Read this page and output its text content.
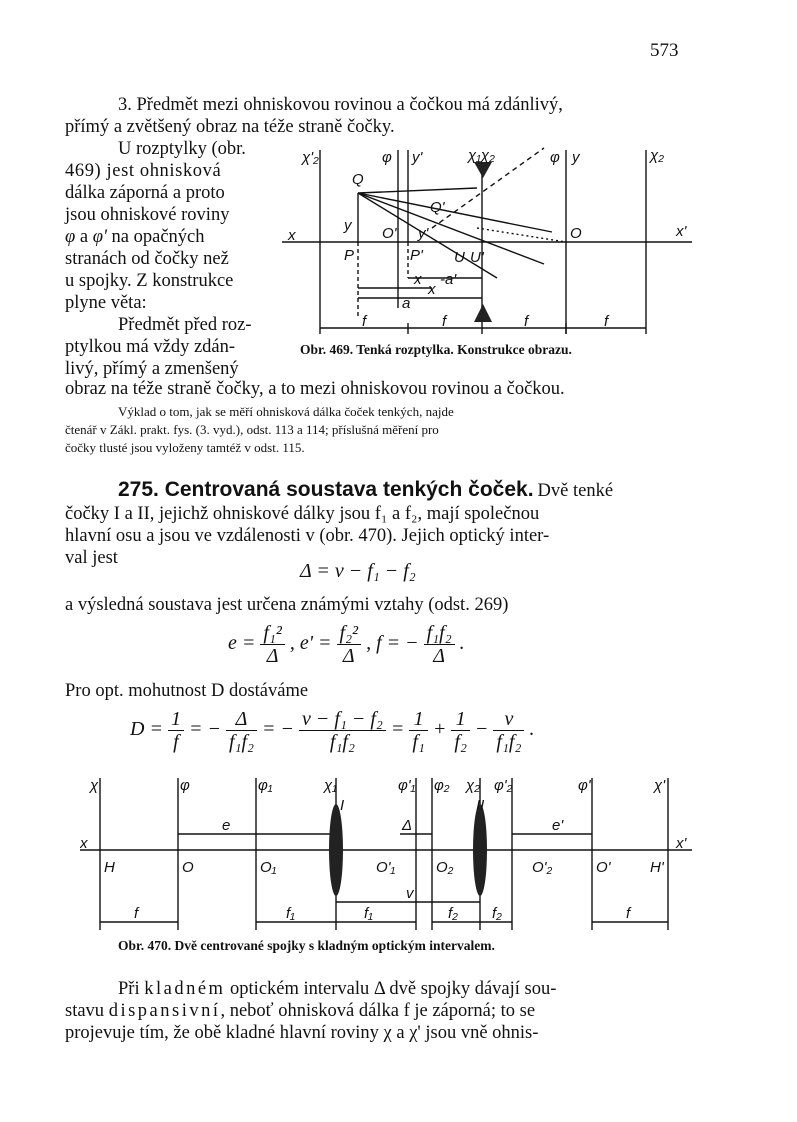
573
3. Předmět mezi ohniskovou rovinou a čočkou má zdánlivý,
přímý a zvětšený obraz na téže straně čočky.
U rozptylky (obr.
469) jest ohnisková
dálka záporná a proto
jsou ohniskové roviny
φ a φ' na opačných
stranách od čočky než
u spojky. Z konstrukce
plyne věta:
Předmět před roz-
ptylkou má vždy zdán-
livý, přímý a zmenšený
obraz na téže straně čočky, a to mezi ohniskovou rovinou a čočkou.
χ'₂	φ y'	χ₁χ₂	φ y	χ₂
Q
Q'
y O' y'
P	P' U U'
O
x	x'
x -a'
x
a
f	f	f	f
Obr. 469. Tenká rozptylka. Konstrukce obrazu.
Výklad o tom, jak se měří ohnisková dálka čoček tenkých, najde
čtenář v Zákl. prakt. fys. (3. vyd.), odst. 113 a 114; příslušná měření pro
čočky tlusté jsou vyloženy tamtéž v odst. 115.
275. Centrovaná soustava tenkých čoček. Dvě tenké
čočky I a II, jejichž ohniskové dálky jsou f₁ a f₂, mají společnou
hlavní osu a jsou ve vzdálenosti v (obr. 470). Jejich optický inter-
val jest
Δ = v − f₁ − f₂
a výsledná soustava jest určena známými vztahy (odst. 269)
$e = \frac{\text{f₁²}}{\Delta}$ , $e' = \frac{\text{f₂²}}{\Delta}$ , f = − $\frac{\text{f₁f₂}}{\Delta}$ .
Pro opt. mohutnost D dostáváme
$D = \frac{1}{f}$ = − $\frac{\Delta}{\text{f₁f₂}}$ = − $\frac{\text{v − f₁ − f₂}}{\text{f₁f₂}} = \frac{1}{\text{f₁}} + \frac{1}{\text{f₂}} - \frac{v}{\text{f₁f₂}}$ .
χ	φ	φ₁	χ₁	φ'₁ φ₂ χ₂ φ'₂	φ'	χ'
x	x'
I	II
e	Δ	e'
H	O	O₁	O'₁	O₂	O'₂	O'	H'
v
f	f₁	f₁	f₂ f₂	f
Obr. 470. Dvě centrované spojky s kladným optickým intervalem.
Při kladném optickém intervalu Δ dvě spojky dávají sou-
stavu dispansivní, neboť ohnisková dálka f je záporná; to se
projevuje tím, že obě kladné hlavní roviny χ a χ' jsou vně ohnis-
